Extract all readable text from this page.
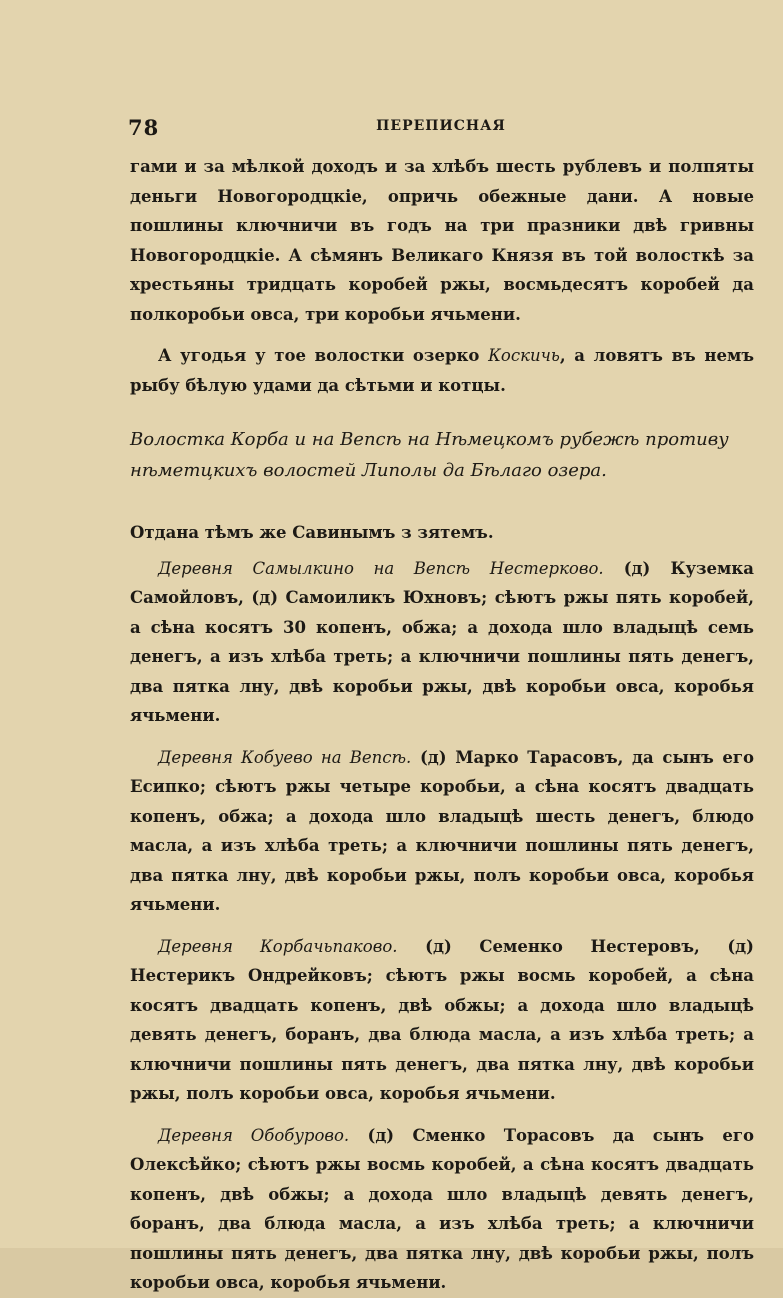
78	ПЕРЕПИСНАЯ

гами и за мѣлкой доходъ и за хлѣбъ шесть рублевъ и полпяты деньги Новогородцкіе, опричь обежные дани. А новые пошлины ключничи въ годъ на три празники двѣ гривны Новогородцкіе. А сѣмянъ Великаго Князя въ той волосткѣ за хрестьяны тридцать коробей ржы, восмьдесятъ коробей да полкоробьи овса, три коробьи ячьмени.

А угодья у тое волостки озерко Коскичь, а ловятъ въ немъ рыбу бѣлую удами да сѣтьми и котцы.

Волостка Корба и на Вепсѣ на Нѣмецкомъ рубежѣ противу

нѣметцкихъ волостей Липолы да Бѣлаго озера.

Отдана тѣмъ же Савинымъ з зятемъ.

Деревня Самылкино на Вепсѣ Нестерково. (д) Куземка Самойловъ, (д) Самоиликъ Юхновъ; сѣютъ ржы пять коробей, а сѣна косятъ 30 копенъ, обжа; а дохода шло владыцѣ семь денегъ, а изъ хлѣба треть; а ключничи пошлины пять денегъ, два пятка лну, двѣ коробьи ржы, двѣ коробьи овса, коробья ячьмени.

Деревня Кобуево на Вепсѣ. (д) Марко Тарасовъ, да сынъ его Есипко; сѣютъ ржы четыре коробьи, а сѣна косятъ двадцать копенъ, обжа; а дохода шло владыцѣ шесть денегъ, блюдо масла, а изъ хлѣба треть; а ключничи пошлины пять денегъ, два пятка лну, двѣ коробьи ржы, полъ коробьи овса, коробья ячьмени.

Деревня Корбачьпаково. (д) Семенко Нестеровъ, (д) Нестерикъ Ондрейковъ; сѣютъ ржы восмь коробей, а сѣна косятъ двадцать копенъ, двѣ обжы; а дохода шло владыцѣ девять денегъ, боранъ, два блюда масла, а изъ хлѣба треть; а ключничи пошлины пять денегъ, два пятка лну, двѣ коробьи ржы, полъ коробьи овса, коробья ячьмени.

Деревня Обобурово. (д) Сменко Торасовъ да сынъ его Олексѣйко; сѣютъ ржы восмь коробей, а сѣна косятъ двадцать копенъ, двѣ обжы; а дохода шло владыцѣ девять денегъ, боранъ, два блюда масла, а изъ хлѣба треть; а ключничи пошлины пять денегъ, два пятка лну, двѣ коробьи ржы, полъ коробьи овса, коробья ячьмени.
